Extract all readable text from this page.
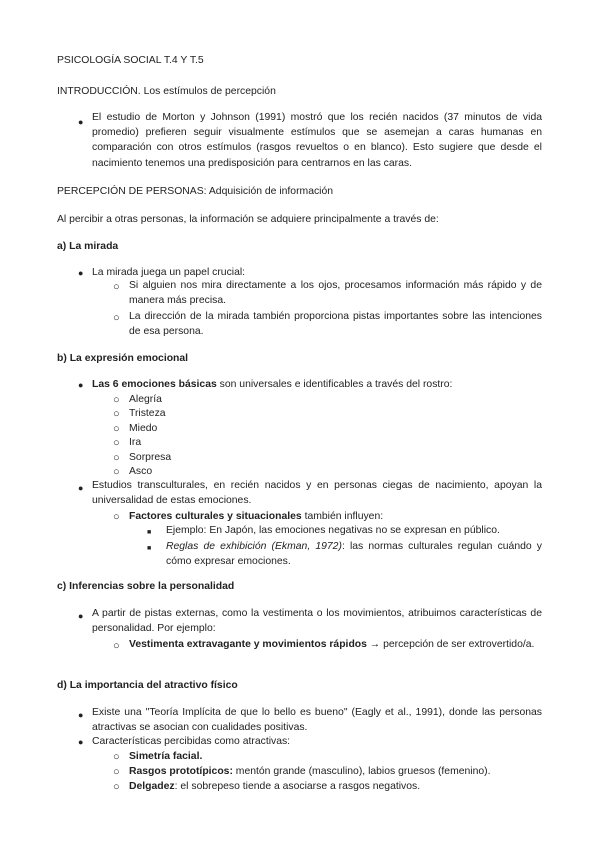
PSICOLOGÍA SOCIAL T.4 Y T.5
INTRODUCCIÓN. Los estímulos de percepción
● El estudio de Morton y Johnson (1991) mostró que los recién nacidos (37 minutos de vida promedio) prefieren seguir visualmente estímulos que se asemejan a caras humanas en comparación con otros estímulos (rasgos revueltos o en blanco). Esto sugiere que desde el nacimiento tenemos una predisposición para centrarnos en las caras.
PERCEPCIÓN DE PERSONAS: Adquisición de información
Al percibir a otras personas, la información se adquiere principalmente a través de:
a) La mirada
● La mirada juega un papel crucial:
○ Si alguien nos mira directamente a los ojos, procesamos información más rápido y de manera más precisa.
○ La dirección de la mirada también proporciona pistas importantes sobre las intenciones de esa persona.
b) La expresión emocional
● Las 6 emociones básicas son universales e identificables a través del rostro:
○ Alegría
○ Tristeza
○ Miedo
○ Ira
○ Sorpresa
○ Asco
● Estudios transculturales, en recién nacidos y en personas ciegas de nacimiento, apoyan la universalidad de estas emociones.
○ Factores culturales y situacionales también influyen:
■ Ejemplo: En Japón, las emociones negativas no se expresan en público.
■ Reglas de exhibición (Ekman, 1972): las normas culturales regulan cuándo y cómo expresar emociones.
c) Inferencias sobre la personalidad
● A partir de pistas externas, como la vestimenta o los movimientos, atribuimos características de personalidad. Por ejemplo:
○ Vestimenta extravagante y movimientos rápidos → percepción de ser extrovertido/a.
d) La importancia del atractivo físico
● Existe una "Teoría Implícita de que lo bello es bueno" (Eagly et al., 1991), donde las personas atractivas se asocian con cualidades positivas.
● Características percibidas como atractivas:
○ Simetría facial.
○ Rasgos prototípicos: mentón grande (masculino), labios gruesos (femenino).
○ Delgadez: el sobrepeso tiende a asociarse a rasgos negativos.
